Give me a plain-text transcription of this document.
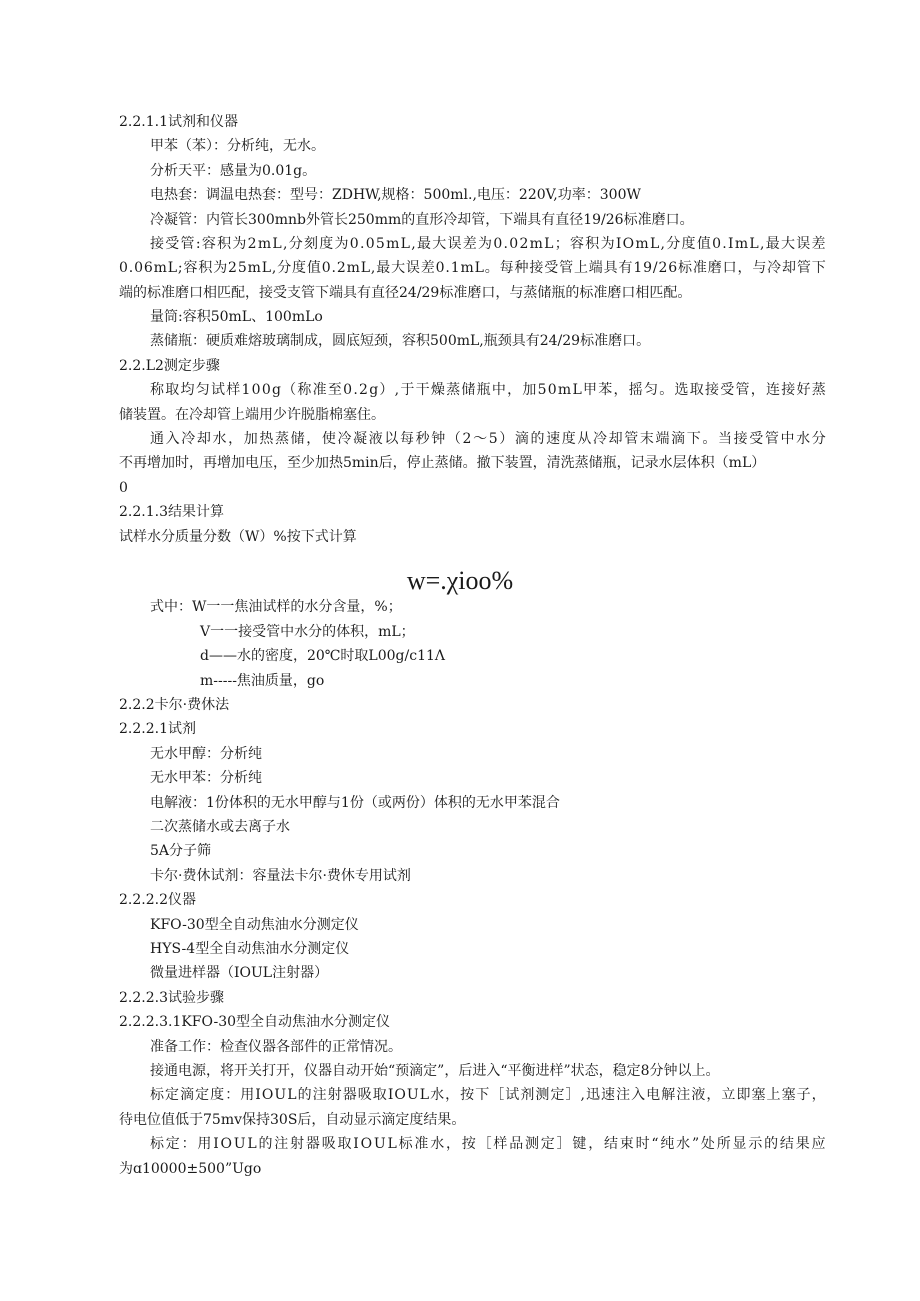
2.2.1.1试剂和仪器
甲苯（苯）：分析纯，无水。
分析天平：感量为0.01g。
电热套：调温电热套：型号：ZDHW,规格：500ml.,电压：220V,功率：300W
冷凝管：内管长300mnb外管长250mm的直形冷却管，下端具有直径19/26标准磨口。
接受管:容积为2mL,分刻度为0.05mL,最大误差为0.02mL；容积为IOmL,分度值0.ImL,最大误差
0.06mL;容积为25mL,分度值0.2mL,最大误差0.1mL。每种接受管上端具有19/26标准磨口，与冷却管下
端的标准磨口相匹配，接受支管下端具有直径24/29标准磨口，与蒸储瓶的标准磨口相匹配。
量筒:容积50mL、100mLo
蒸储瓶：硬质难熔玻璃制成，圆底短颈，容积500mL,瓶颈具有24/29标准磨口。
2.2.L2测定步骤
称取均匀试样100g（称准至0.2g）,于干燥蒸储瓶中，加50mL甲苯，摇匀。选取接受管，连接好蒸
储装置。在冷却管上端用少许脱脂棉塞住。
通入冷却水，加热蒸储，使冷凝液以每秒钟（2～5）滴的速度从冷却管末端滴下。当接受管中水分
不再增加时，再增加电压，至少加热5min后，停止蒸储。撤下装置，清洗蒸储瓶，记录水层体积（mL）
0
2.2.1.3结果计算
试样水分质量分数（W）%按下式计算
w=.χioo%
式中：W一一焦油试样的水分含量，%；
V一一接受管中水分的体积，mL；
d——水的密度，20℃时取L00g/c11Λ
m-----焦油质量，go
2.2.2卡尔·费休法
2.2.2.1试剂
无水甲醇：分析纯
无水甲苯：分析纯
电解液：1份体积的无水甲醇与1份（或两份）体积的无水甲苯混合
二次蒸储水或去离子水
5A分子筛
卡尔·费休试剂：容量法卡尔·费休专用试剂
2.2.2.2仪器
KFO-30型全自动焦油水分测定仪
HYS-4型全自动焦油水分测定仪
微量进样器（IOUL注射器）
2.2.2.3试验步骤
2.2.2.3.1KFO-30型全自动焦油水分测定仪
准备工作：检查仪器各部件的正常情况。
接通电源，将开关打开，仪器自动开始“预滴定”，后进入“平衡进样”状态，稳定8分钟以上。
标定滴定度：用IOUL的注射器吸取IOUL水，按下［试剂测定］,迅速注入电解注液，立即塞上塞子，
待电位值低于75mv保持30S后，自动显示滴定度结果。
标定：用IOUL的注射器吸取IOUL标准水，按［样品测定］键，结束时“纯水”处所显示的结果应
为ɑ10000±500”Ugo
